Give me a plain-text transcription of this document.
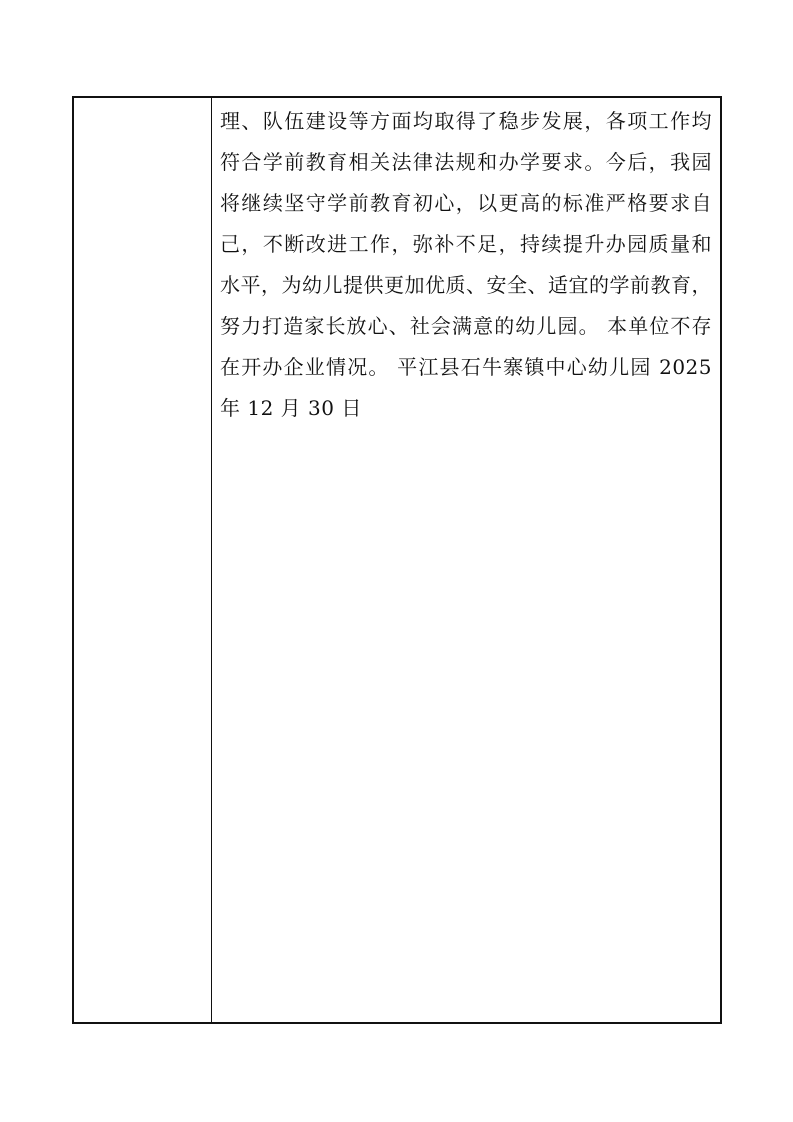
理、队伍建设等方面均取得了稳步发展，各项工作均
符合学前教育相关法律法规和办学要求。今后，我园
将继续坚守学前教育初心，以更高的标准严格要求自
己，不断改进工作，弥补不足，持续提升办园质量和
水平，为幼儿提供更加优质、安全、适宜的学前教育，
努力打造家长放心、社会满意的幼儿园。 本单位不存
在开办企业情况。 平江县石牛寨镇中心幼儿园 2025
年 12 月 30 日
